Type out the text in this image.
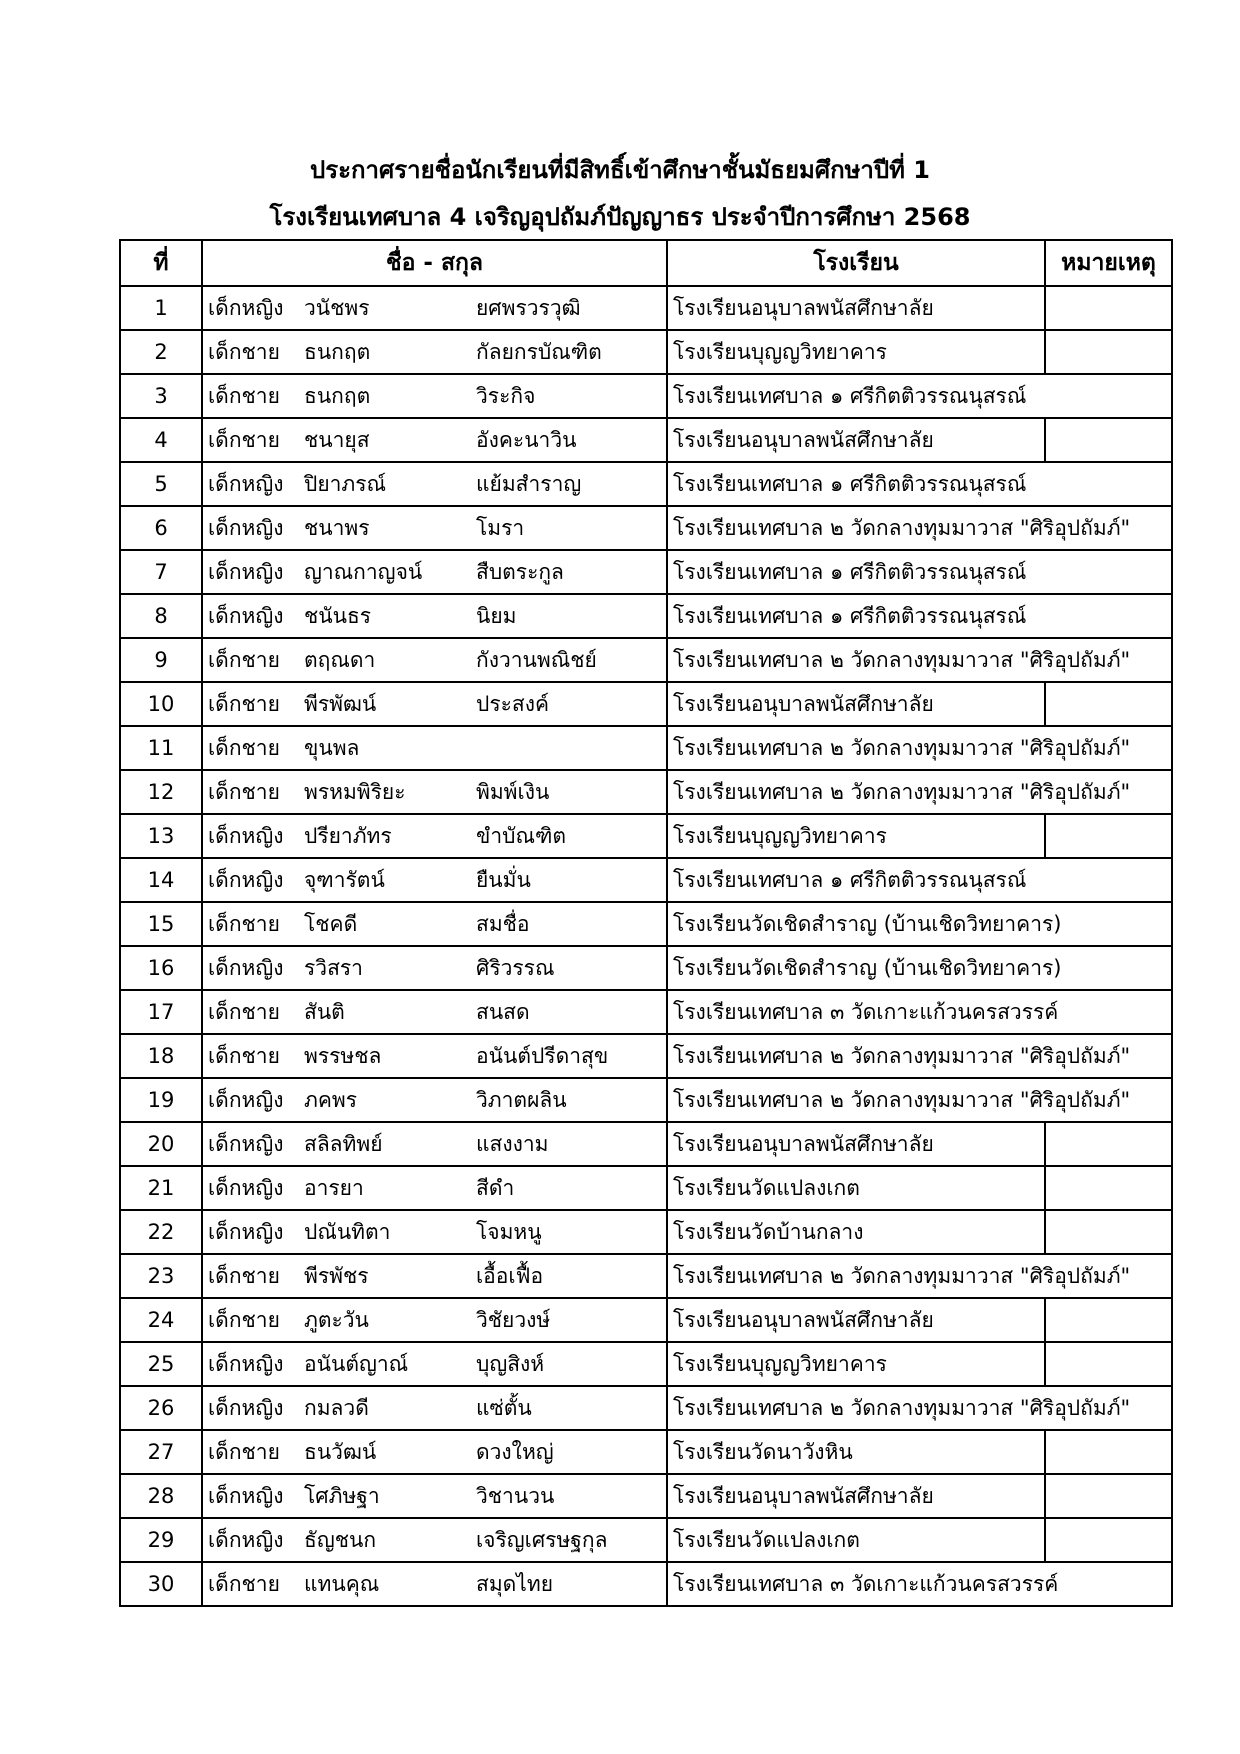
ประกาศรายชื่อนักเรียนที่มีสิทธิ์เข้าศึกษาชั้นมัธยมศึกษาปีที่ 1
โรงเรียนเทศบาล 4 เจริญอุปถัมภ์ปัญญาธร ประจำปีการศึกษา 2568
ที่	ชื่อ - สกุล			โรงเรียน	หมายเหตุ
1	เด็กหญิง	วนัชพร	ยศพรวรวุฒิ	โรงเรียนอนุบาลพนัสศึกษาลัย	
2	เด็กชาย	ธนกฤต	กัลยกรบัณฑิต	โรงเรียนบุญญวิทยาคาร	
3	เด็กชาย	ธนกฤต	วิระกิจ	โรงเรียนเทศบาล ๑ ศรีกิตติวรรณนุสรณ์	
4	เด็กชาย	ชนายุส	อังคะนาวิน	โรงเรียนอนุบาลพนัสศึกษาลัย	
5	เด็กหญิง	ปิยาภรณ์	แย้มสำราญ	โรงเรียนเทศบาล ๑ ศรีกิตติวรรณนุสรณ์	
6	เด็กหญิง	ชนาพร	โมรา	โรงเรียนเทศบาล ๒ วัดกลางทุมมาวาส "ศิริอุปถัมภ์"	
7	เด็กหญิง	ญาณกาญจน์	สืบตระกูล	โรงเรียนเทศบาล ๑ ศรีกิตติวรรณนุสรณ์	
8	เด็กหญิง	ชนันธร	นิยม	โรงเรียนเทศบาล ๑ ศรีกิตติวรรณนุสรณ์	
9	เด็กชาย	ตฤณดา	กังวานพณิชย์	โรงเรียนเทศบาล ๒ วัดกลางทุมมาวาส "ศิริอุปถัมภ์"	
10	เด็กชาย	พีรพัฒน์	ประสงค์	โรงเรียนอนุบาลพนัสศึกษาลัย	
11	เด็กชาย	ขุนพล		โรงเรียนเทศบาล ๒ วัดกลางทุมมาวาส "ศิริอุปถัมภ์"	
12	เด็กชาย	พรหมพิริยะ	พิมพ์เงิน	โรงเรียนเทศบาล ๒ วัดกลางทุมมาวาส "ศิริอุปถัมภ์"	
13	เด็กหญิง	ปรียาภัทร	ขำบัณฑิต	โรงเรียนบุญญวิทยาคาร	
14	เด็กหญิง	จุฑารัตน์	ยืนมั่น	โรงเรียนเทศบาล ๑ ศรีกิตติวรรณนุสรณ์	
15	เด็กชาย	โชคดี	สมชื่อ	โรงเรียนวัดเชิดสำราญ (บ้านเชิดวิทยาคาร)	
16	เด็กหญิง	รวิสรา	ศิริวรรณ	โรงเรียนวัดเชิดสำราญ (บ้านเชิดวิทยาคาร)	
17	เด็กชาย	สันติ	สนสด	โรงเรียนเทศบาล ๓ วัดเกาะแก้วนครสวรรค์	
18	เด็กชาย	พรรษชล	อนันต์ปรีดาสุข	โรงเรียนเทศบาล ๒ วัดกลางทุมมาวาส "ศิริอุปถัมภ์"	
19	เด็กหญิง	ภคพร	วิภาตผลิน	โรงเรียนเทศบาล ๒ วัดกลางทุมมาวาส "ศิริอุปถัมภ์"	
20	เด็กหญิง	สลิลทิพย์	แสงงาม	โรงเรียนอนุบาลพนัสศึกษาลัย	
21	เด็กหญิง	อารยา	สีดำ	โรงเรียนวัดแปลงเกต	
22	เด็กหญิง	ปณันทิตา	โจมหนู	โรงเรียนวัดบ้านกลาง	
23	เด็กชาย	พีรพัชร	เอื้อเฟื้อ	โรงเรียนเทศบาล ๒ วัดกลางทุมมาวาส "ศิริอุปถัมภ์"	
24	เด็กชาย	ภูตะวัน	วิชัยวงษ์	โรงเรียนอนุบาลพนัสศึกษาลัย	
25	เด็กหญิง	อนันต์ญาณ์	บุญสิงห์	โรงเรียนบุญญวิทยาคาร	
26	เด็กหญิง	กมลวดี	แซ่ตั้น	โรงเรียนเทศบาล ๒ วัดกลางทุมมาวาส "ศิริอุปถัมภ์"	
27	เด็กชาย	ธนวัฒน์	ดวงใหญ่	โรงเรียนวัดนาวังหิน	
28	เด็กหญิง	โศภิษฐา	วิชานวน	โรงเรียนอนุบาลพนัสศึกษาลัย	
29	เด็กหญิง	ธัญชนก	เจริญเศรษฐกุล	โรงเรียนวัดแปลงเกต	
30	เด็กชาย	แทนคุณ	สมุดไทย	โรงเรียนเทศบาล ๓ วัดเกาะแก้วนครสวรรค์	
